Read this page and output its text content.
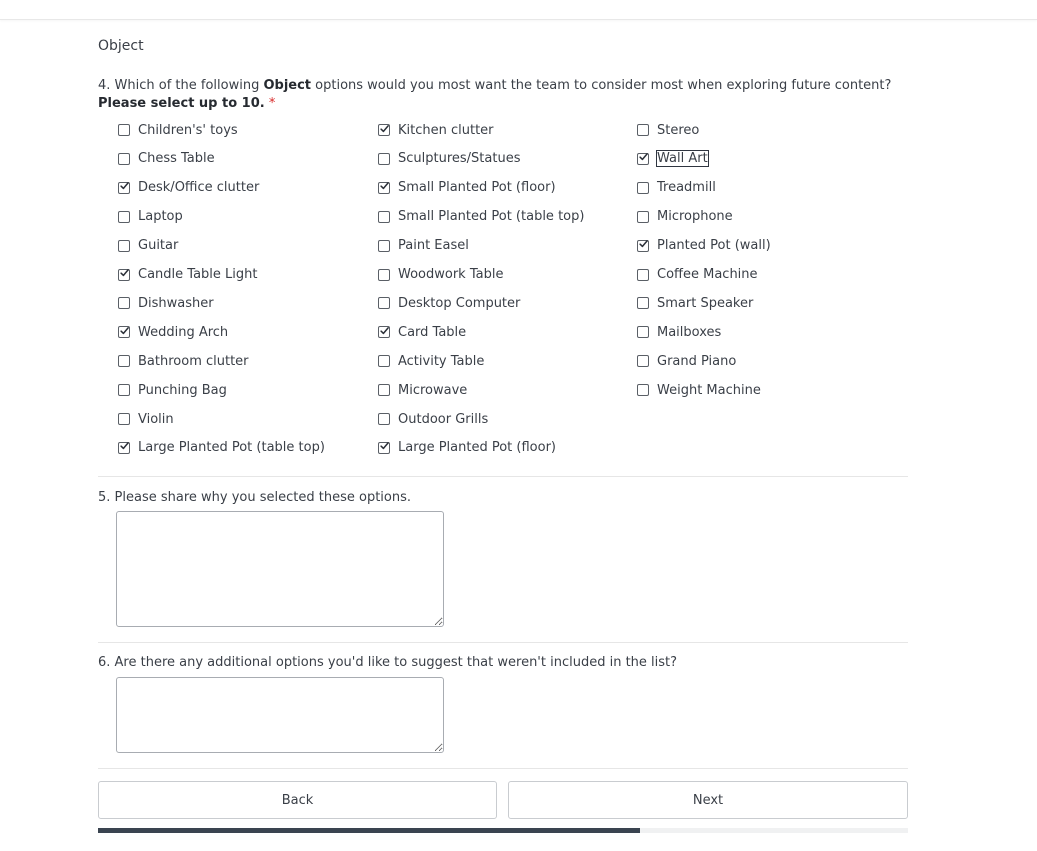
Object
4. Which of the following Object options would you most want the team to consider most when exploring future content?
Please select up to 10. *
Children's' toys
Chess Table
Desk/Office clutter
Laptop
Guitar
Candle Table Light
Dishwasher
Wedding Arch
Bathroom clutter
Punching Bag
Violin
Large Planted Pot (table top)
Kitchen clutter
Sculptures/Statues
Small Planted Pot (floor)
Small Planted Pot (table top)
Paint Easel
Woodwork Table
Desktop Computer
Card Table
Activity Table
Microwave
Outdoor Grills
Large Planted Pot (floor)
Stereo
Wall Art
Treadmill
Microphone
Planted Pot (wall)
Coffee Machine
Smart Speaker
Mailboxes
Grand Piano
Weight Machine
5. Please share why you selected these options.
6. Are there any additional options you'd like to suggest that weren't included in the list?
Back	Next
